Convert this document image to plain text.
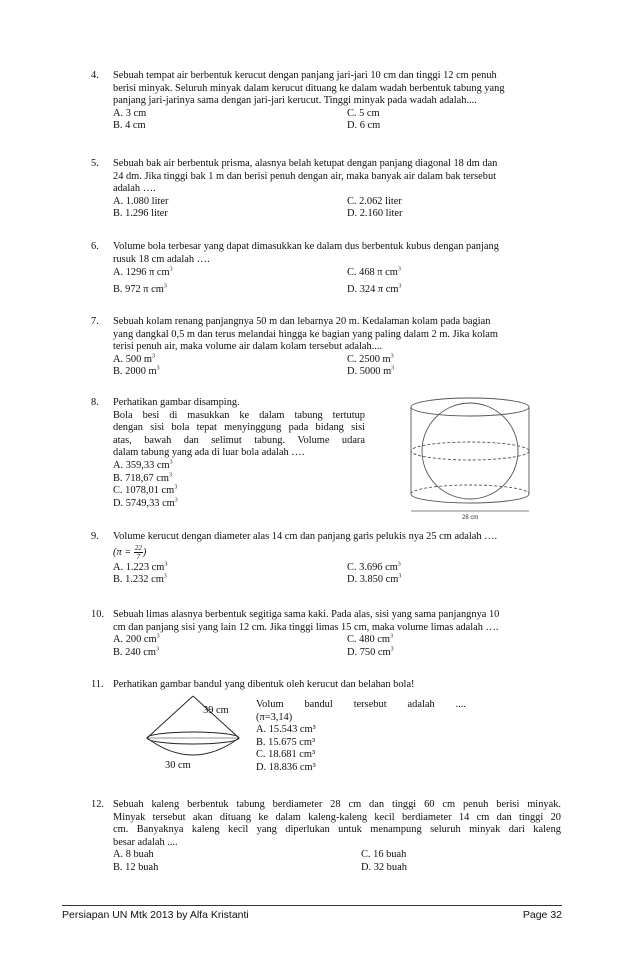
4.	Sebuah tempat air berbentuk kerucut dengan panjang jari-jari 10 cm dan tinggi 12 cm penuh
berisi minyak. Seluruh minyak dalam kerucut dituang ke dalam wadah berbentuk tabung yang
panjang jari-jarinya sama dengan jari-jari kerucut. Tinggi minyak pada wadah adalah....
A. 3 cm	C. 5 cm
B. 4 cm	D. 6 cm
5.	Sebuah bak air berbentuk prisma, alasnya belah ketupat dengan panjang diagonal 18 dm dan
24 dm. Jika tinggi bak 1 m dan berisi penuh dengan air, maka banyak air dalam bak tersebut
adalah ….
A. 1.080 liter	C. 2.062 liter
B. 1.296 liter	D. 2.160 liter
6.	Volume bola terbesar yang dapat dimasukkan ke dalam dus berbentuk kubus dengan panjang
rusuk 18 cm adalah ….
A. 1296 π $cm^3$	C. 468 π $cm^3$
B. 972 π $cm^3$	D. 324 π $cm^3$
7.	Sebuah kolam renang panjangnya 50 m dan lebarnya 20 m. Kedalaman kolam pada bagian
yang dangkal 0,5 m dan terus melandai hingga ke bagian yang paling dalam 2 m. Jika kolam
terisi penuh air, maka volume air dalam kolam tersebut adalah....
A. 500 $m^3$	C. 2500 $m^3$
B. 2000 $m^3$	D. 5000 $m^3$
8.	Perhatikan gambar disamping.
Bola besi di masukkan ke dalam tabung tertutup
dengan sisi bola tepat menyinggung pada bidang sisi
atas, bawah dan selimut tabung. Volume udara
dalam tabung yang ada di luar bola adalah ….
A. 359,33 $cm^3$
B. 718,67 $cm^3$
C. 1078,01 $cm^3$
D. 5749,33 $cm^3$
28 cm
9.	Volume kerucut dengan diameter alas 14 cm dan panjang garis pelukis nya 25 cm adalah ….
($\pi = \frac{22}{7}$ )
A. 1.223 $cm^3$	C. 3.696 $cm^3$
B. 1.232 $cm^3$	D. 3.850 $cm^3$
10. Sebuah limas alasnya berbentuk segitiga sama kaki. Pada alas, sisi yang sama panjangnya 10
cm dan panjang sisi yang lain 12 cm. Jika tinggi limas 15 cm, maka volume limas adalah ….
A. 200 $cm^3$	C. 480 $cm^3$
B. 240 $cm^3$	D. 750 $cm^3$
11. Perhatikan gambar bandul yang dibentuk oleh kerucut dan belahan bola!
39 cm
30 cm
Volum bandul tersebut adalah ....
(π=3,14)
A. 15.543 cm³
B. 15.675 cm³
C. 18.681 cm³
D. 18.836 cm³
12. Sebuah kaleng berbentuk tabung berdiameter 28 cm dan tinggi 60 cm penuh berisi minyak.
Minyak tersebut akan dituang ke dalam kaleng-kaleng kecil berdiameter 14 cm dan tinggi 20
cm. Banyaknya kaleng kecil yang diperlukan untuk menampung seluruh minyak dari kaleng
besar adalah ....
A. 8 buah	C. 16 buah
B. 12 buah	D. 32 buah
Persiapan UN Mtk 2013 by Alfa Kristanti	Page 32
